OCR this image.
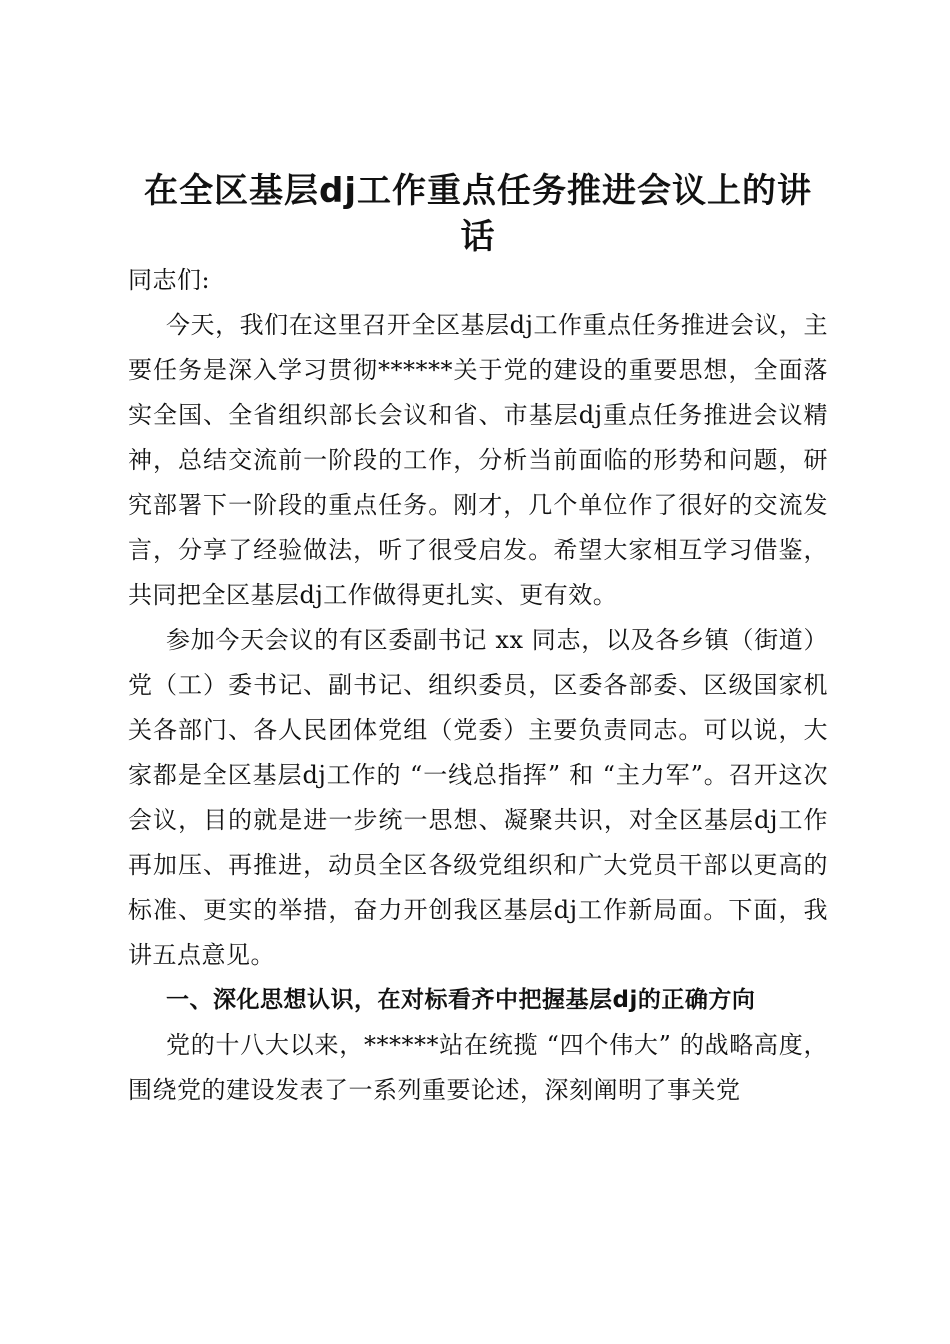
在全区基层dj工作重点任务推进会议上的讲话

同志们:

今天，我们在这里召开全区基层dj工作重点任务推进会议，主要任务是深入学习贯彻******关于党的建设的重要思想，全面落实全国、全省组织部长会议和省、市基层dj重点任务推进会议精神，总结交流前一阶段的工作，分析当前面临的形势和问题，研究部署下一阶段的重点任务。刚才，几个单位作了很好的交流发言，分享了经验做法，听了很受启发。希望大家相互学习借鉴，共同把全区基层dj工作做得更扎实、更有效。

参加今天会议的有区委副书记 xx 同志，以及各乡镇（街道）党（工）委书记、副书记、组织委员，区委各部委、区级国家机关各部门、各人民团体党组（党委）主要负责同志。可以说，大家都是全区基层dj工作的 “一线总指挥” 和 “主力军”。召开这次会议，目的就是进一步统一思想、凝聚共识，对全区基层dj工作再加压、再推进，动员全区各级党组织和广大党员干部以更高的标准、更实的举措，奋力开创我区基层dj工作新局面。下面，我讲五点意见。

一、深化思想认识，在对标看齐中把握基层dj的正确方向

党的十八大以来，******站在统揽 “四个伟大” 的战略高度，围绕党的建设发表了一系列重要论述，深刻阐明了事关党
